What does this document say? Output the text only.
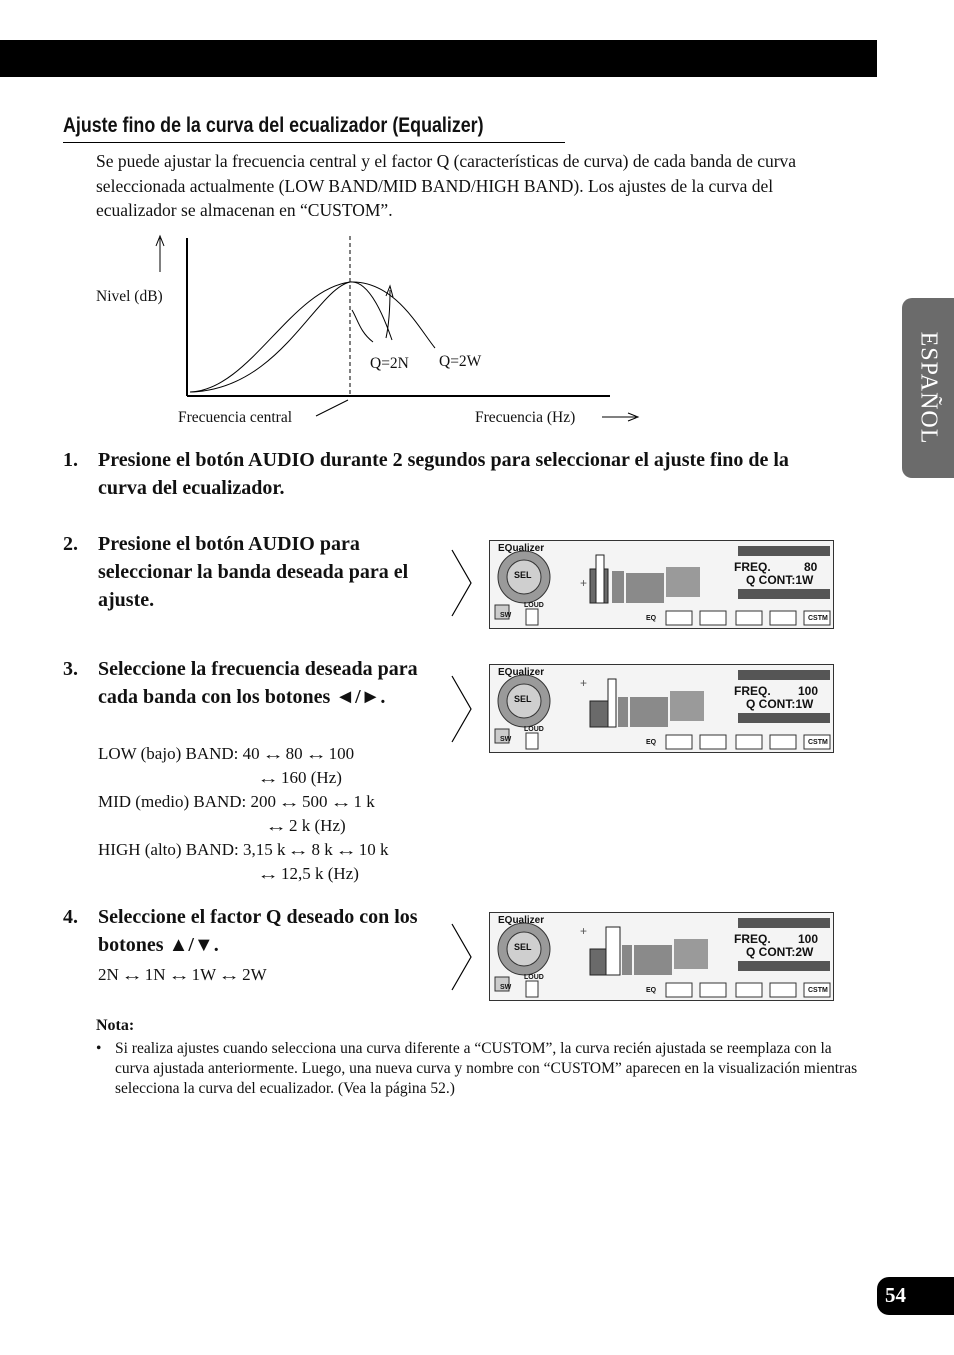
ESPAÑOL
Ajuste fino de la curva del ecualizador (Equalizer)
Se puede ajustar la frecuencia central y el factor Q (características de curva) de cada banda de curva seleccionada actualmente (LOW BAND/MID BAND/HIGH BAND). Los ajustes de la curva del ecualizador se almacenan en “CUSTOM”.
Nivel (dB)
Frecuencia central	Frecuencia (Hz)
Q=2N Q=2W
1. Presione el botón AUDIO durante 2 segundos para seleccionar el ajuste fino de la curva del ecualizador.
2. Presione el botón AUDIO para seleccionar la banda deseada para el ajuste.
3. Seleccione la frecuencia deseada para cada banda con los botones ◄/►.
LOW (bajo) BAND: 40 ↔ 80 ↔ 100
↔ 160 (Hz)
MID (medio) BAND: 200 ↔ 500 ↔ 1 k
↔ 2 k (Hz)
HIGH (alto) BAND: 3,15 k ↔ 8 k ↔ 10 k
↔ 12,5 k (Hz)
4. Seleccione el factor Q deseado con los botones ▲/▼.
2N ↔ 1N ↔ 1W ↔ 2W
+
EQualizer
SEL
FREQ.	80
Q CONT:1W
SW
LOUD
EQ	CSTM
+
EQualizer
SEL
FREQ. 100
Q CONT:1W
SW
LOUD
EQ	CSTM
+
EQualizer
SEL
FREQ. 100
Q CONT:2W
SW
LOUD
EQ	CSTM
Nota:
• Si realiza ajustes cuando selecciona una curva diferente a “CUSTOM”, la curva recién ajustada se reemplaza con la curva ajustada anteriormente. Luego, una nueva curva y nombre con “CUSTOM” aparecen en la visualización mientras selecciona la curva del ecualizador. (Vea la página 52.)
54
